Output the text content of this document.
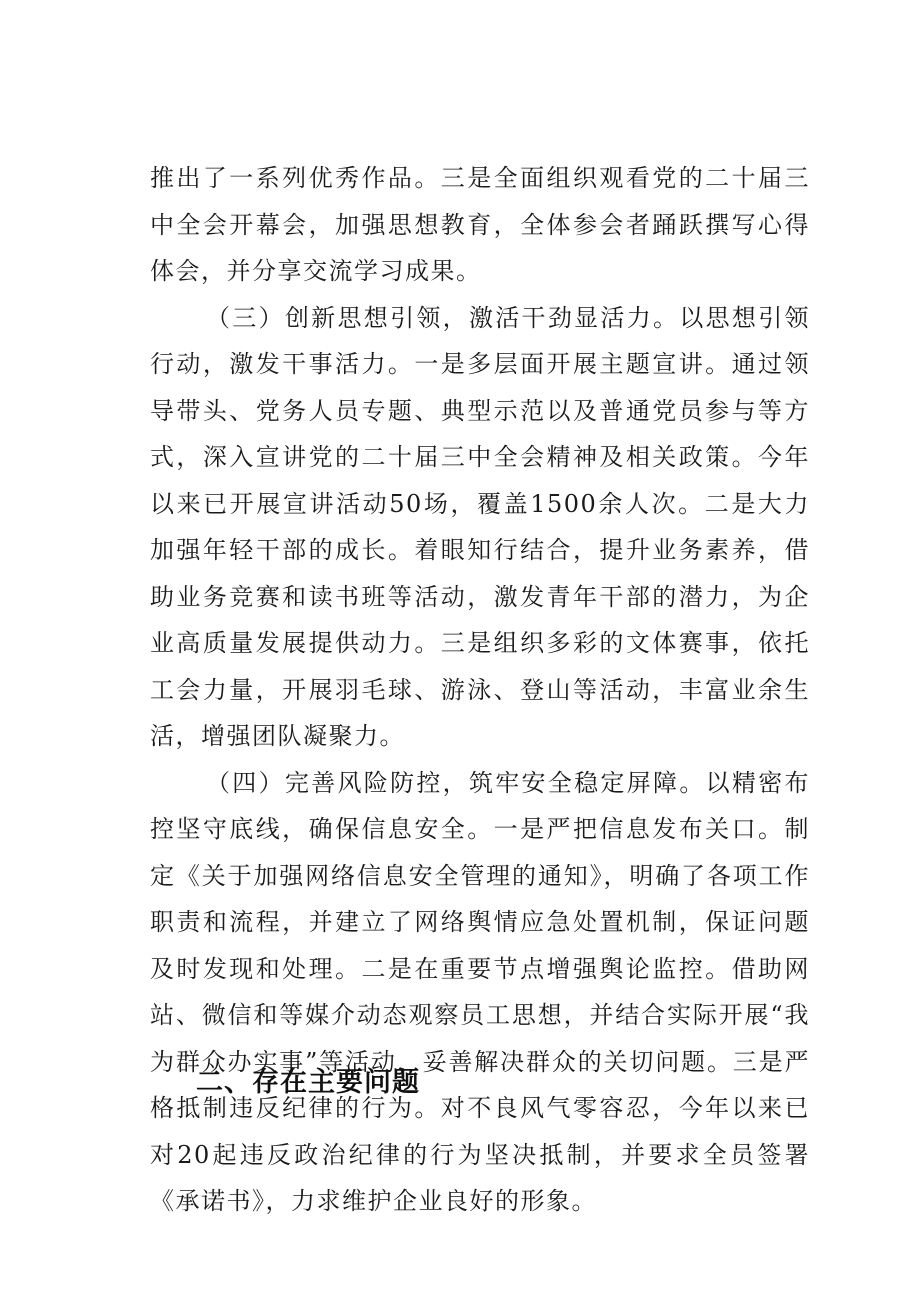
推出了一系列优秀作品。三是全面组织观看党的二十届三中全会开幕会，加强思想教育，全体参会者踊跃撰写心得体会，并分享交流学习成果。

（三）创新思想引领，激活干劲显活力。以思想引领行动，激发干事活力。一是多层面开展主题宣讲。通过领导带头、党务人员专题、典型示范以及普通党员参与等方式，深入宣讲党的二十届三中全会精神及相关政策。今年以来已开展宣讲活动50场，覆盖1500余人次。二是大力加强年轻干部的成长。着眼知行结合，提升业务素养，借助业务竞赛和读书班等活动，激发青年干部的潜力，为企业高质量发展提供动力。三是组织多彩的文体赛事，依托工会力量，开展羽毛球、游泳、登山等活动，丰富业余生活，增强团队凝聚力。

（四）完善风险防控，筑牢安全稳定屏障。以精密布控坚守底线，确保信息安全。一是严把信息发布关口。制定《关于加强网络信息安全管理的通知》，明确了各项工作职责和流程，并建立了网络舆情应急处置机制，保证问题及时发现和处理。二是在重要节点增强舆论监控。借助网站、微信和等媒介动态观察员工思想，并结合实际开展“我为群众办实事”等活动，妥善解决群众的关切问题。三是严格抵制违反纪律的行为。对不良风气零容忍，今年以来已对20起违反政治纪律的行为坚决抵制，并要求全员签署《承诺书》，力求维护企业良好的形象。

二、存在主要问题
